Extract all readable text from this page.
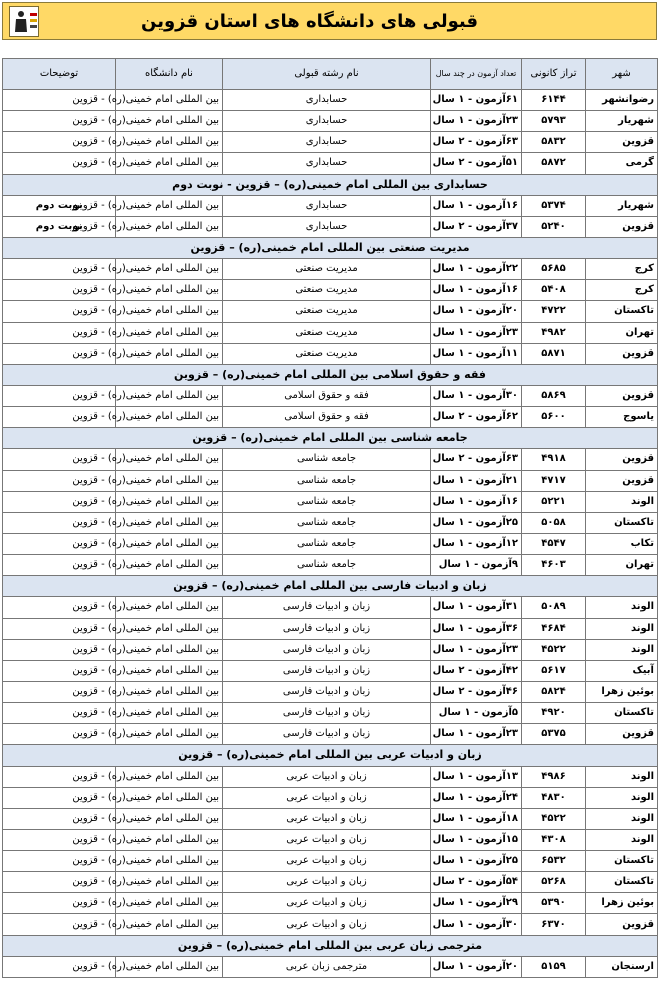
قبولی های دانشگاه های استان قزوین
شهر	تراز کانونی	تعداد آزمون در چند سال	نام رشته قبولی	نام دانشگاه	توضیحات
رضوانشهر	۶۱۴۴	۶۱آزمون - ۱ سال	حسابداری	بین المللی امام خمینی(ره) - قزوین	
شهریار	۵۷۹۳	۲۳آزمون - ۱ سال	حسابداری	بین المللی امام خمینی(ره) - قزوین	
قزوین	۵۸۳۲	۶۳آزمون - ۲ سال	حسابداری	بین المللی امام خمینی(ره) - قزوین	
گرمی	۵۸۷۲	۵۱آزمون - ۲ سال	حسابداری	بین المللی امام خمینی(ره) - قزوین	
حسابداری بین المللی امام خمینی(ره) – قزوین - نوبت دوم					
شهریار	۵۳۷۴	۱۶آزمون - ۱ سال	حسابداری	بین المللی امام خمینی(ره) - قزوین	نوبت دوم
قزوین	۵۲۴۰	۳۷آزمون - ۲ سال	حسابداری	بین المللی امام خمینی(ره) - قزوین	نوبت دوم
مدیریت صنعتی بین المللی امام خمینی(ره) – قزوین					
کرج	۵۶۸۵	۲۲آزمون - ۱ سال	مدیریت صنعتی	بین المللی امام خمینی(ره) - قزوین	
کرج	۵۴۰۸	۱۶آزمون - ۱ سال	مدیریت صنعتی	بین المللی امام خمینی(ره) - قزوین	
تاکستان	۴۷۲۲	۲۰آزمون - ۱ سال	مدیریت صنعتی	بین المللی امام خمینی(ره) - قزوین	
تهران	۴۹۸۲	۲۳آزمون - ۱ سال	مدیریت صنعتی	بین المللی امام خمینی(ره) - قزوین	
قزوین	۵۸۷۱	۱۱آزمون - ۱ سال	مدیریت صنعتی	بین المللی امام خمینی(ره) - قزوین	
فقه و حقوق اسلامی بین المللی امام خمینی(ره) – قزوین					
قزوین	۵۸۶۹	۳۰آزمون - ۱ سال	فقه و حقوق اسلامی	بین المللی امام خمینی(ره) - قزوین	
یاسوج	۵۶۰۰	۶۲آزمون - ۲ سال	فقه و حقوق اسلامی	بین المللی امام خمینی(ره) - قزوین	
جامعه شناسی بین المللی امام خمینی(ره) – قزوین					
قزوین	۴۹۱۸	۶۳آزمون - ۲ سال	جامعه شناسی	بین المللی امام خمینی(ره) - قزوین	
قزوین	۴۷۱۷	۲۱آزمون - ۱ سال	جامعه شناسی	بین المللی امام خمینی(ره) - قزوین	
الوند	۵۲۲۱	۱۶آزمون - ۱ سال	جامعه شناسی	بین المللی امام خمینی(ره) - قزوین	
تاکستان	۵۰۵۸	۲۵آزمون - ۱ سال	جامعه شناسی	بین المللی امام خمینی(ره) - قزوین	
تکاب	۴۵۴۷	۱۲آزمون - ۱ سال	جامعه شناسی	بین المللی امام خمینی(ره) - قزوین	
تهران	۴۶۰۳	۹آزمون - ۱ سال	جامعه شناسی	بین المللی امام خمینی(ره) - قزوین	
زبان و ادبیات فارسی بین المللی امام خمینی(ره) – قزوین					
الوند	۵۰۸۹	۳۱آزمون - ۱ سال	زبان و ادبیات فارسی	بین المللی امام خمینی(ره) - قزوین	
الوند	۴۶۸۴	۳۶آزمون - ۱ سال	زبان و ادبیات فارسی	بین المللی امام خمینی(ره) - قزوین	
الوند	۴۵۲۲	۲۳آزمون - ۱ سال	زبان و ادبیات فارسی	بین المللی امام خمینی(ره) - قزوین	
آبیک	۵۶۱۷	۴۲آزمون - ۲ سال	زبان و ادبیات فارسی	بین المللی امام خمینی(ره) - قزوین	
بوئین زهرا	۵۸۲۴	۴۶آزمون - ۲ سال	زبان و ادبیات فارسی	بین المللی امام خمینی(ره) - قزوین	
تاکستان	۴۹۲۰	۵آزمون - ۱ سال	زبان و ادبیات فارسی	بین المللی امام خمینی(ره) - قزوین	
قزوین	۵۳۷۵	۲۳آزمون - ۱ سال	زبان و ادبیات فارسی	بین المللی امام خمینی(ره) - قزوین	
زبان و ادبیات عربی بین المللی امام خمینی(ره) – قزوین					
الوند	۴۹۸۶	۱۳آزمون - ۱ سال	زبان و ادبیات عربی	بین المللی امام خمینی(ره) - قزوین	
الوند	۴۸۳۰	۲۴آزمون - ۱ سال	زبان و ادبیات عربی	بین المللی امام خمینی(ره) - قزوین	
الوند	۴۵۲۲	۱۸آزمون - ۱ سال	زبان و ادبیات عربی	بین المللی امام خمینی(ره) - قزوین	
الوند	۴۳۰۸	۱۵آزمون - ۱ سال	زبان و ادبیات عربی	بین المللی امام خمینی(ره) - قزوین	
تاکستان	۶۵۳۲	۲۵آزمون - ۱ سال	زبان و ادبیات عربی	بین المللی امام خمینی(ره) - قزوین	
تاکستان	۵۲۶۸	۵۴آزمون - ۲ سال	زبان و ادبیات عربی	بین المللی امام خمینی(ره) - قزوین	
بوئین زهرا	۵۳۹۰	۲۹آزمون - ۱ سال	زبان و ادبیات عربی	بین المللی امام خمینی(ره) - قزوین	
قزوین	۶۳۷۰	۳۰آزمون - ۱ سال	زبان و ادبیات عربی	بین المللی امام خمینی(ره) - قزوین	
مترجمی زبان عربی بین المللی امام خمینی(ره) – قزوین					
ارسنجان	۵۱۵۹	۲۰آزمون - ۱ سال	مترجمی زبان عربی	بین المللی امام خمینی(ره) - قزوین	
